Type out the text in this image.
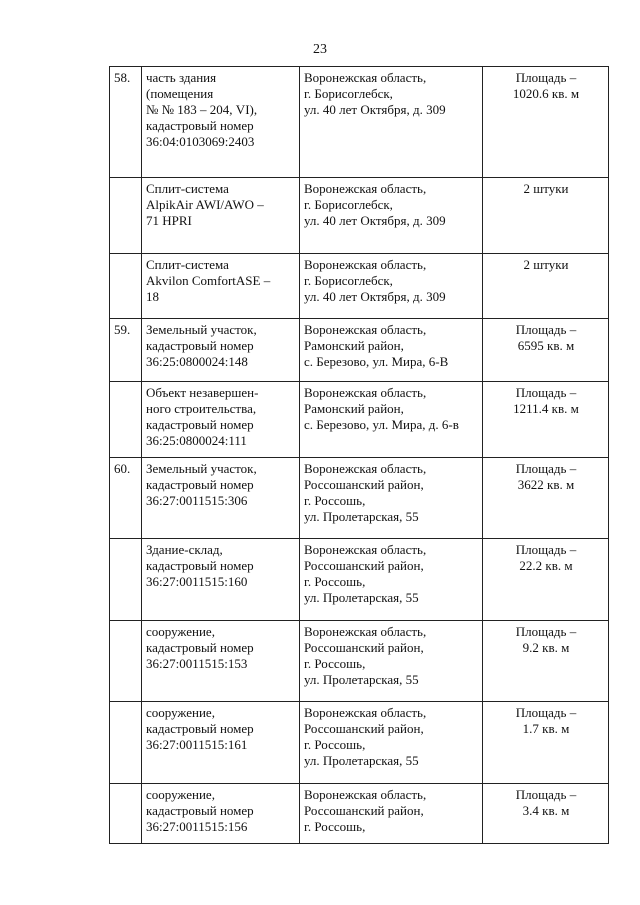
23
58.	часть здания
(помещения
№ № 183 – 204, VI),
кадастровый номер
36:04:0103069:2403	Воронежская область,
г. Борисоглебск,
ул. 40 лет Октября, д. 309	Площадь –
1020.6 кв. м
	Сплит-система
AlpikAir AWI/AWO –
71 HPRI	Воронежская область,
г. Борисоглебск,
ул. 40 лет Октября, д. 309	2 штуки
	Сплит-система
Akvilon ComfortASE –
18	Воронежская область,
г. Борисоглебск,
ул. 40 лет Октября, д. 309	2 штуки
59.	Земельный участок,
кадастровый номер
36:25:0800024:148	Воронежская область,
Рамонский район,
с. Березово, ул. Мира, 6-В	Площадь –
6595 кв. м
	Объект незавершен-
ного строительства,
кадастровый номер
36:25:0800024:111	Воронежская область,
Рамонский район,
с. Березово, ул. Мира, д. 6-в	Площадь –
1211.4 кв. м
60.	Земельный участок,
кадастровый номер
36:27:0011515:306	Воронежская область,
Россошанский район,
г. Россошь,
ул. Пролетарская, 55	Площадь –
3622 кв. м
	Здание-склад,
кадастровый номер
36:27:0011515:160	Воронежская область,
Россошанский район,
г. Россошь,
ул. Пролетарская, 55	Площадь –
22.2 кв. м
	сооружение,
кадастровый номер
36:27:0011515:153	Воронежская область,
Россошанский район,
г. Россошь,
ул. Пролетарская, 55	Площадь –
9.2 кв. м
	сооружение,
кадастровый номер
36:27:0011515:161	Воронежская область,
Россошанский район,
г. Россошь,
ул. Пролетарская, 55	Площадь –
1.7 кв. м
	сооружение,
кадастровый номер
36:27:0011515:156	Воронежская область,
Россошанский район,
г. Россошь,	Площадь –
3.4 кв. м
